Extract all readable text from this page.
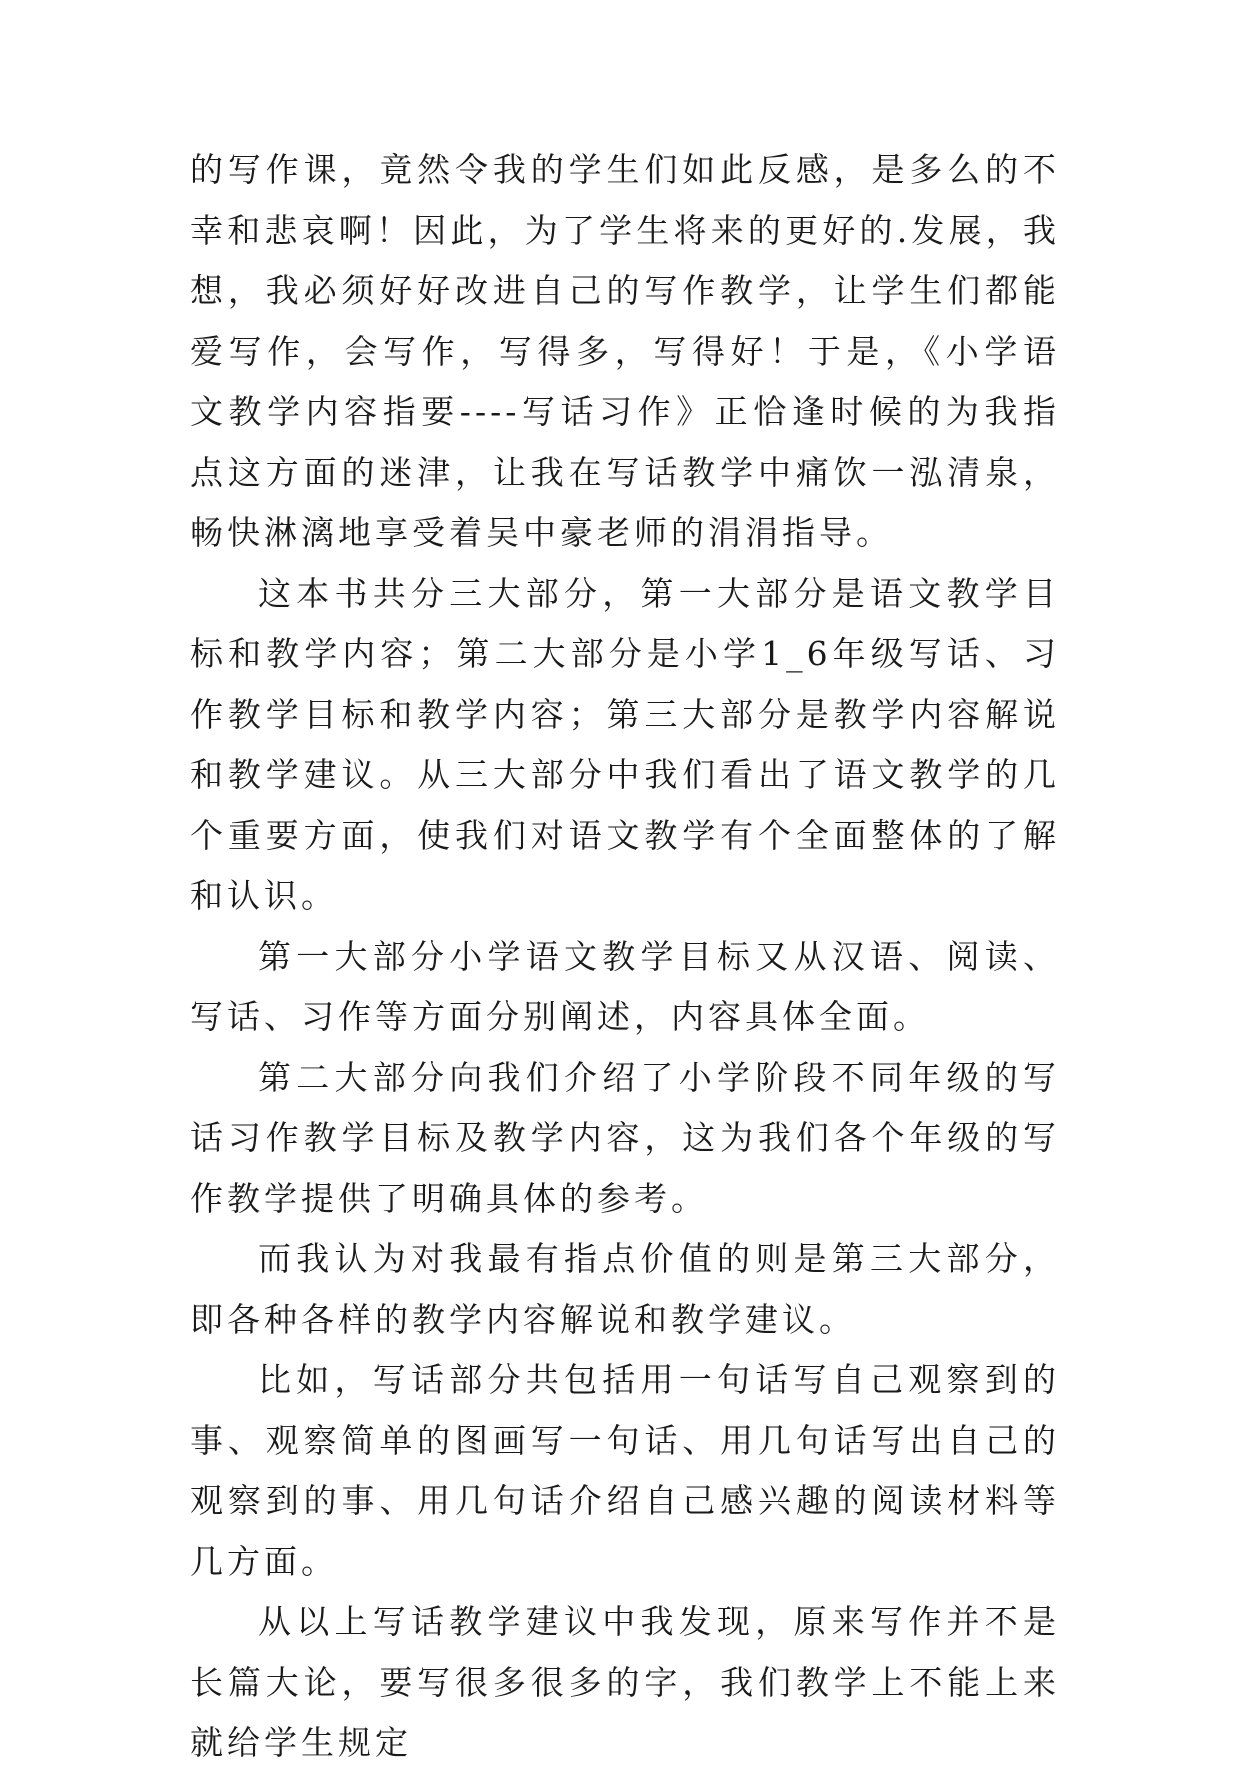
的写作课，竟然令我的学生们如此反感，是多么的不幸和悲哀啊！因此，为了学生将来的更好的.发展，我想，我必须好好改进自己的写作教学，让学生们都能爱写作，会写作，写得多，写得好！于是，《小学语文教学内容指要----写话习作》正恰逢时候的为我指点这方面的迷津，让我在写话教学中痛饮一泓清泉，畅快淋漓地享受着吴中豪老师的涓涓指导。

这本书共分三大部分，第一大部分是语文教学目标和教学内容；第二大部分是小学1_6年级写话、习作教学目标和教学内容；第三大部分是教学内容解说和教学建议。从三大部分中我们看出了语文教学的几个重要方面，使我们对语文教学有个全面整体的了解和认识。

第一大部分小学语文教学目标又从汉语、阅读、写话、习作等方面分别阐述，内容具体全面。

第二大部分向我们介绍了小学阶段不同年级的写话习作教学目标及教学内容，这为我们各个年级的写作教学提供了明确具体的参考。

而我认为对我最有指点价值的则是第三大部分，即各种各样的教学内容解说和教学建议。

比如，写话部分共包括用一句话写自己观察到的事、观察简单的图画写一句话、用几句话写出自己的观察到的事、用几句话介绍自己感兴趣的阅读材料等几方面。

从以上写话教学建议中我发现，原来写作并不是长篇大论，要写很多很多的字，我们教学上不能上来就给学生规定
